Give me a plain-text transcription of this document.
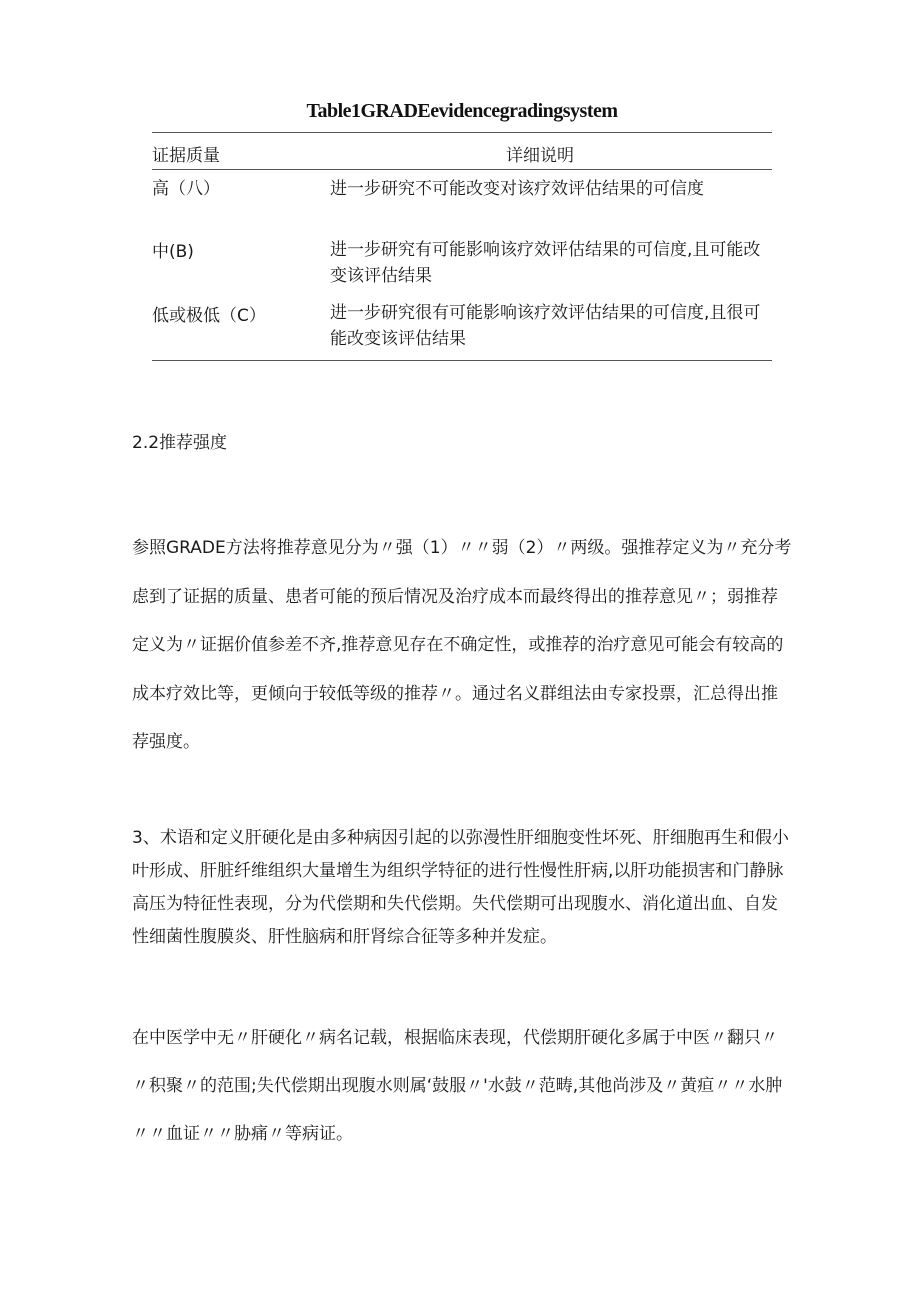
Table1GRADEevidencegradingsystem
证据质量	详细说明
高（八）	进一步研究不可能改变对该疗效评估结果的可信度
中(B)	进一步研究有可能影响该疗效评估结果的可信度,且可能改变该评估结果
低或极低（C）	进一步研究很有可能影响该疗效评估结果的可信度,且很可能改变该评估结果
2.2推荐强度

参照GRADE方法将推荐意见分为〃强（1）〃〃弱（2）〃两级。强推荐定义为〃充分考虑到了证据的质量、患者可能的预后情况及治疗成本而最终得出的推荐意见〃；弱推荐定义为〃证据价值参差不齐,推荐意见存在不确定性，或推荐的治疗意见可能会有较高的成本疗效比等，更倾向于较低等级的推荐〃。通过名义群组法由专家投票，汇总得出推荐强度。

3、术语和定义肝硬化是由多种病因引起的以弥漫性肝细胞变性坏死、肝细胞再生和假小叶形成、肝脏纤维组织大量增生为组织学特征的进行性慢性肝病,以肝功能损害和门静脉高压为特征性表现，分为代偿期和失代偿期。失代偿期可出现腹水、消化道出血、自发性细菌性腹膜炎、肝性脑病和肝肾综合征等多种并发症。

在中医学中无〃肝硬化〃病名记载，根据临床表现，代偿期肝硬化多属于中医〃翻只〃〃积聚〃的范围;失代偿期出现腹水则属‘鼓服〃'水鼓〃范畴,其他尚涉及〃黄疸〃〃水肿〃〃血证〃〃胁痛〃等病证。
